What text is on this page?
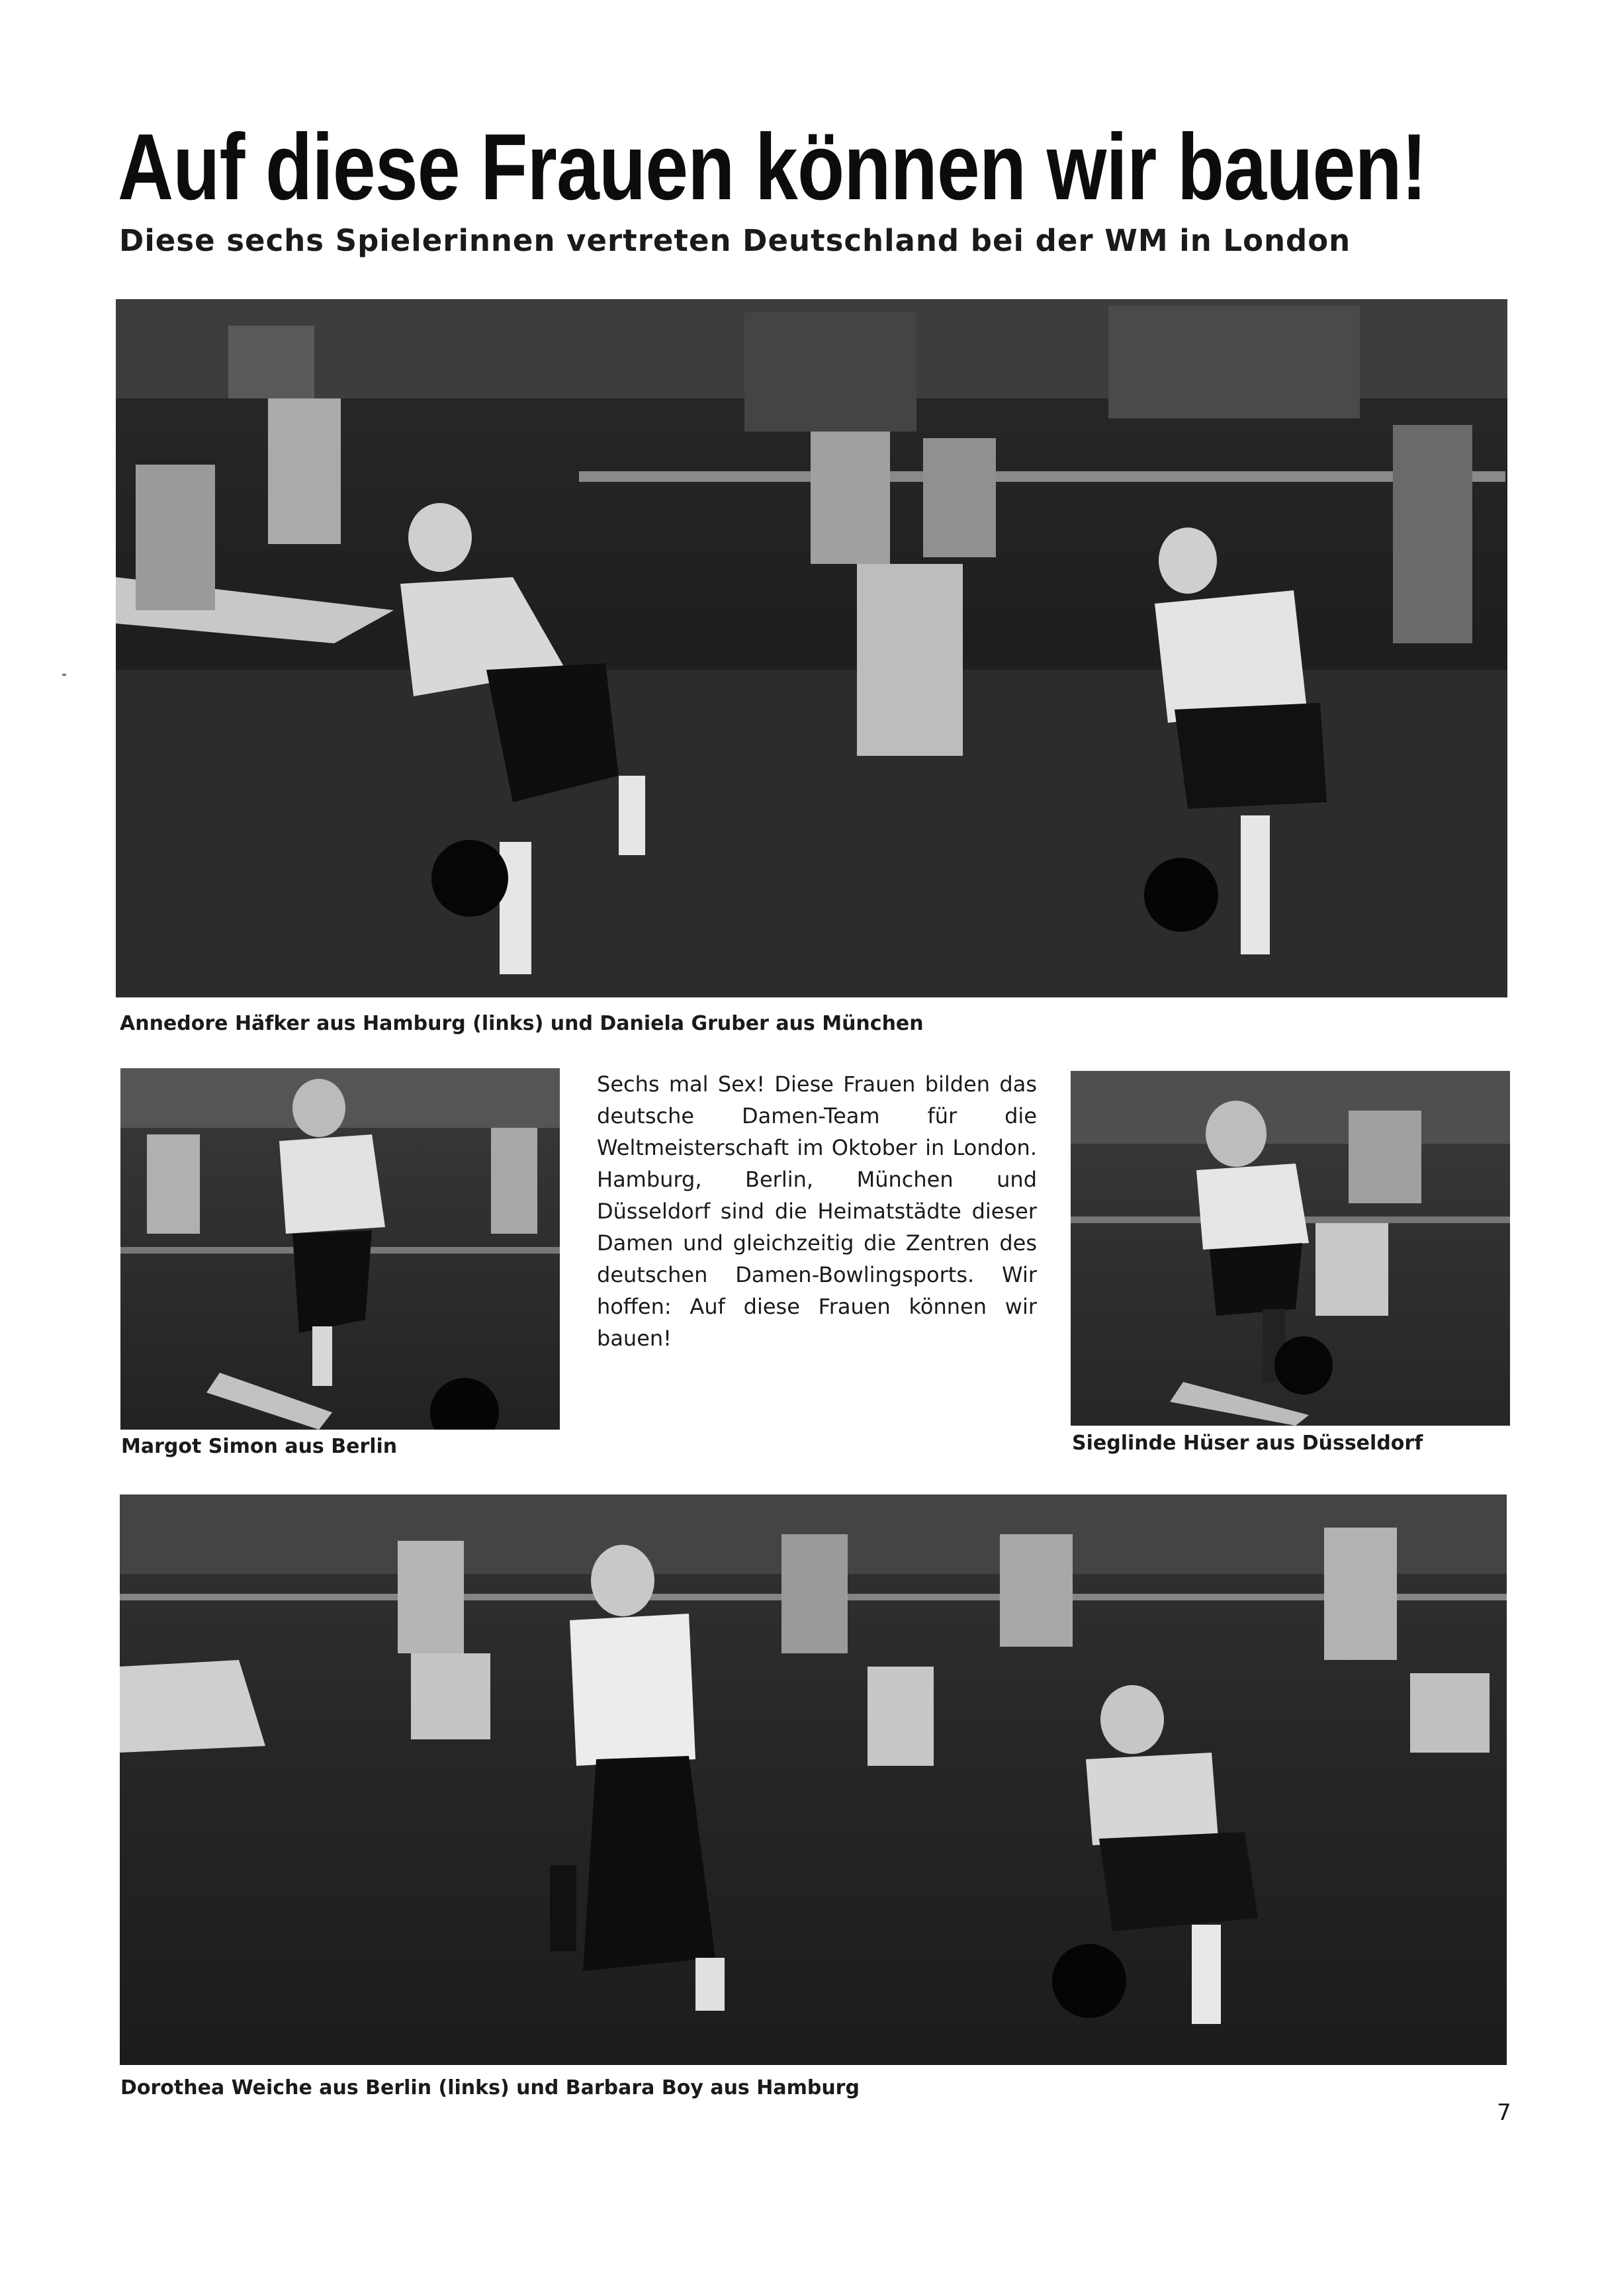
Auf diese Frauen können wir bauen!
Diese sechs Spielerinnen vertreten Deutschland bei der WM in London

Annedore Häfker aus Hamburg (links) und Daniela Gruber aus München

Margot Simon aus Berlin

Sechs mal Sex! Diese Frauen bilden das deutsche Damen-Team für die Weltmeisterschaft im Oktober in London. Hamburg, Berlin, München und Düsseldorf sind die Heimatstädte dieser Damen und gleichzeitig die Zentren des deutschen Damen-Bowlingsports. Wir hoffen: Auf diese Frauen können wir bauen!

Sieglinde Hüser aus Düsseldorf

Dorothea Weiche aus Berlin (links) und Barbara Boy aus Hamburg

7
